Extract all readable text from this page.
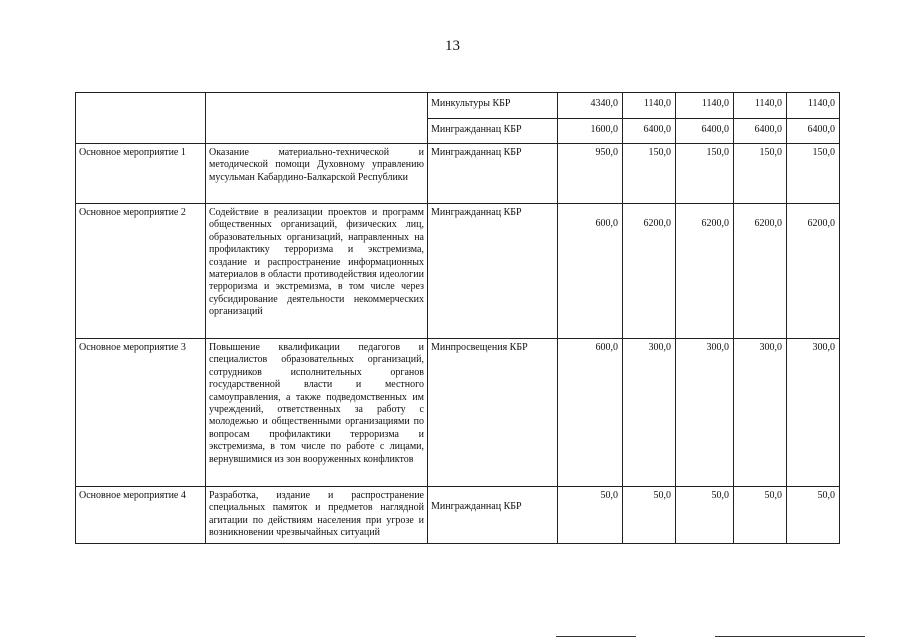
13
		Минкультуры КБР	4340,0	1140,0	1140,0	1140,0	1140,0
		Мингражданнац КБР	1600,0	6400,0	6400,0	6400,0	6400,0
Основное мероприятие 1	Оказание материально-технической и методической помощи Духовному управлению мусульман Кабардино-Балкарской Республики	Мингражданнац КБР	950,0	150,0	150,0	150,0	150,0
Основное мероприятие 2	Содействие в реализации проектов и программ общественных организаций, физических лиц, образовательных организаций, направленных на профилактику терроризма и экстремизма, создание и распространение информационных материалов в области противодействия идеологии терроризма и экстремизма, в том числе через субсидирование деятельности некоммерческих организаций	Мингражданнац КБР	600,0	6200,0	6200,0	6200,0	6200,0
Основное мероприятие 3	Повышение квалификации педагогов и специалистов образовательных организаций, сотрудников исполнительных органов государственной власти и местного самоуправления, а также подведомственных им учреждений, ответственных за работу с молодежью и общественными организациями по вопросам профилактики терроризма и экстремизма, в том числе по работе с лицами, вернувшимися из зон вооруженных конфликтов	Минпросвещения КБР	600,0	300,0	300,0	300,0	300,0
Основное мероприятие 4	Разработка, издание и распространение специальных памяток и предметов наглядной агитации по действиям населения при угрозе и возникновении чрезвычайных ситуаций	Мингражданнац КБР	50,0	50,0	50,0	50,0	50,0
